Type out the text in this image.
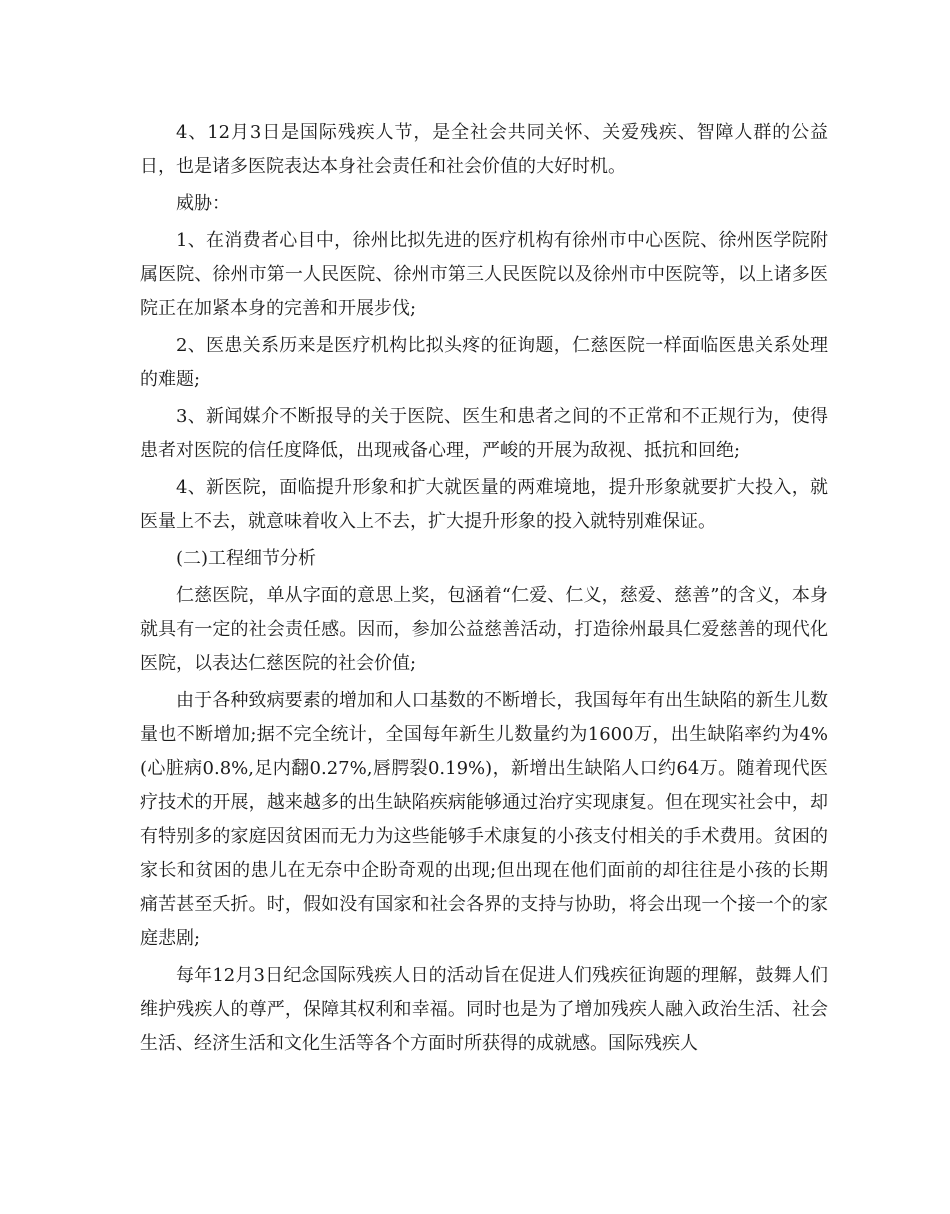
4、12月3日是国际残疾人节，是全社会共同关怀、关爱残疾、智障人群的公益日，也是诸多医院表达本身社会责任和社会价值的大好时机。

威胁：

1、在消费者心目中，徐州比拟先进的医疗机构有徐州市中心医院、徐州医学院附属医院、徐州市第一人民医院、徐州市第三人民医院以及徐州市中医院等，以上诸多医院正在加紧本身的完善和开展步伐;

2、医患关系历来是医疗机构比拟头疼的征询题，仁慈医院一样面临医患关系处理的难题;

3、新闻媒介不断报导的关于医院、医生和患者之间的不正常和不正规行为，使得患者对医院的信任度降低，出现戒备心理，严峻的开展为敌视、抵抗和回绝;

4、新医院，面临提升形象和扩大就医量的两难境地，提升形象就要扩大投入，就医量上不去，就意味着收入上不去，扩大提升形象的投入就特别难保证。

(二)工程细节分析

仁慈医院，单从字面的意思上奖，包涵着“仁爱、仁义，慈爱、慈善”的含义，本身就具有一定的社会责任感。因而，参加公益慈善活动，打造徐州最具仁爱慈善的现代化医院，以表达仁慈医院的社会价值;

由于各种致病要素的增加和人口基数的不断增长，我国每年有出生缺陷的新生儿数量也不断增加;据不完全统计，全国每年新生儿数量约为1600万，出生缺陷率约为4%(心脏病0.8%,足内翻0.27%,唇腭裂0.19%)，新增出生缺陷人口约64万。随着现代医疗技术的开展，越来越多的出生缺陷疾病能够通过治疗实现康复。但在现实社会中，却有特别多的家庭因贫困而无力为这些能够手术康复的小孩支付相关的手术费用。贫困的家长和贫困的患儿在无奈中企盼奇观的出现;但出现在他们面前的却往往是小孩的长期痛苦甚至夭折。时，假如没有国家和社会各界的支持与协助，将会出现一个接一个的家庭悲剧;

每年12月3日纪念国际残疾人日的活动旨在促进人们残疾征询题的理解，鼓舞人们维护残疾人的尊严，保障其权利和幸福。同时也是为了增加残疾人融入政治生活、社会生活、经济生活和文化生活等各个方面时所获得的成就感。国际残疾人
